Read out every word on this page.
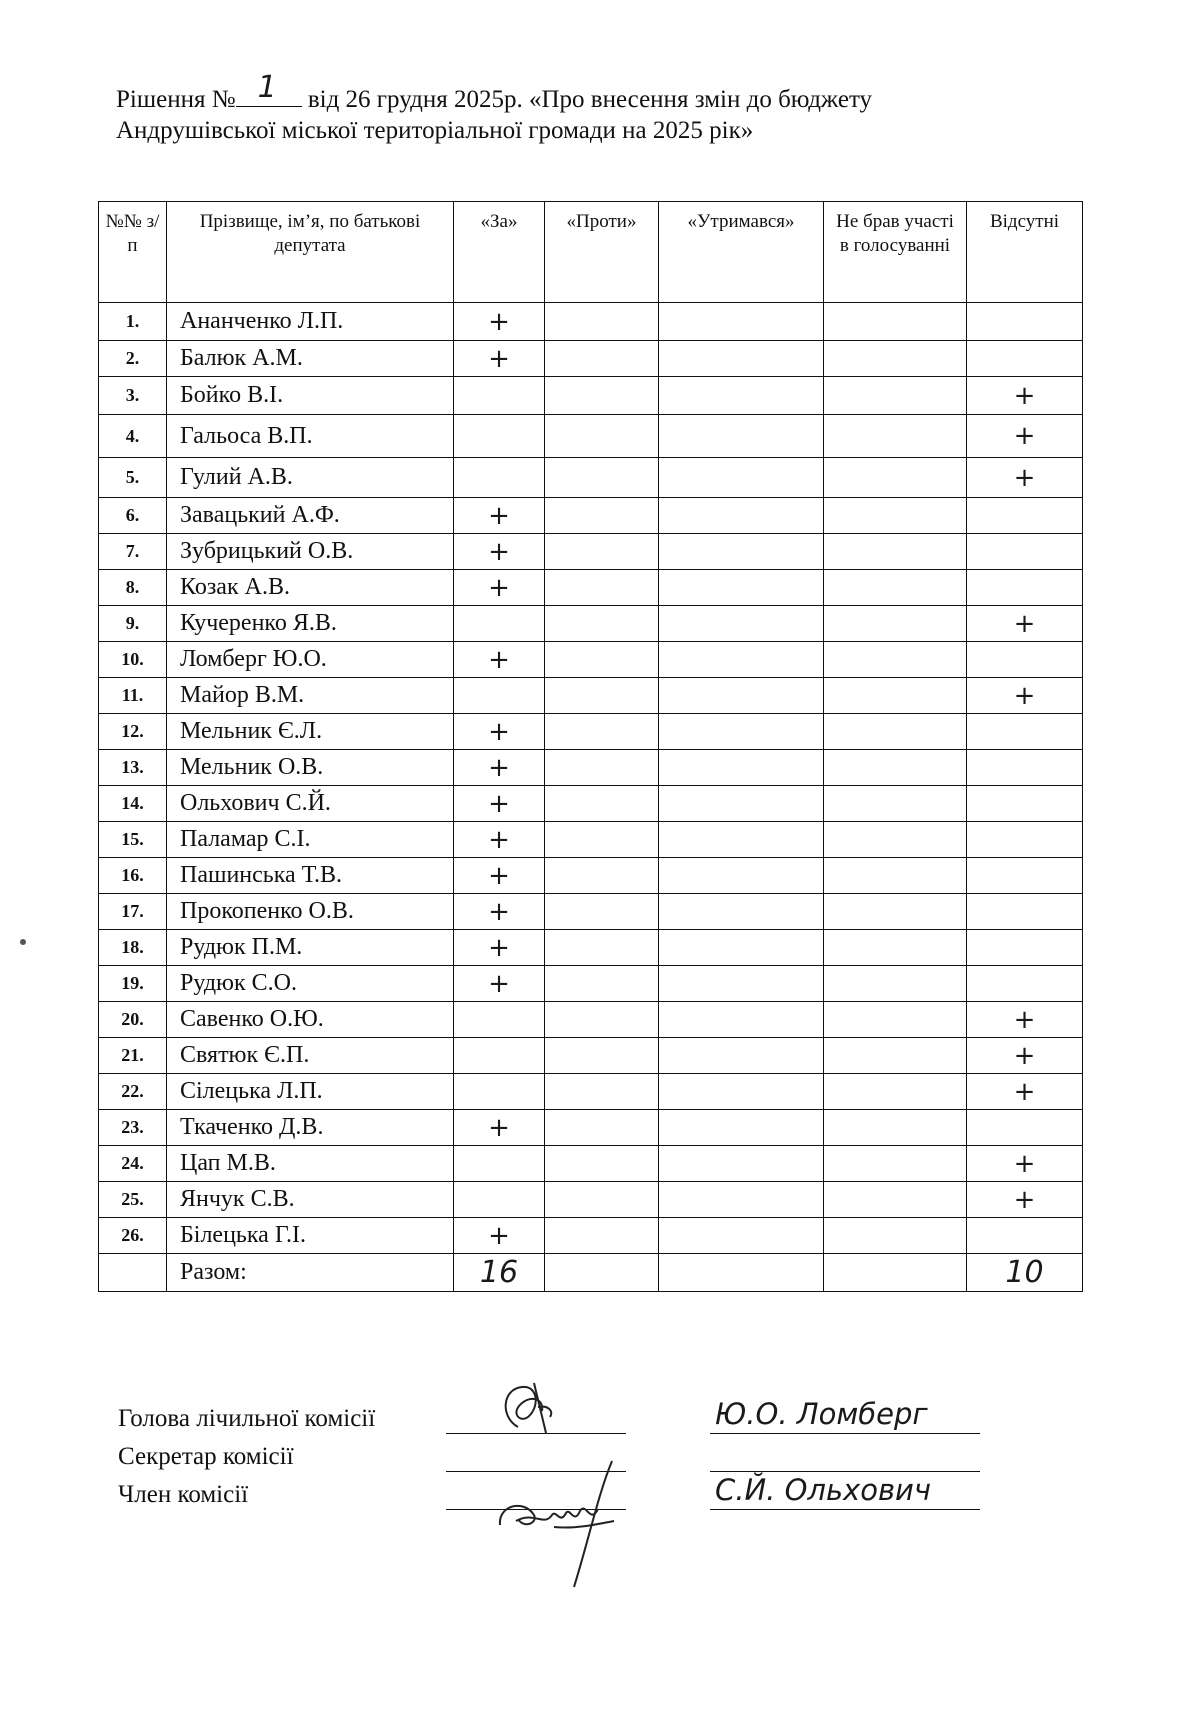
Рішення № 1 від 26 грудня 2025р. «Про внесення змін до бюджету
Андрушівської міської територіальної громади на 2025 рік»
№№ з/п	Прізвище, ім’я, по батькові депутата	«За»	«Проти»	«Утримався»	Не брав участі в голосуванні	Відсутні
1.	Ананченко Л.П.	+				
2.	Балюк А.М.	+				
3.	Бойко В.І.					+
4.	Гальоса В.П.					+
5.	Гулий А.В.					+
6.	Завацький А.Ф.	+				
7.	Зубрицький О.В.	+				
8.	Козак А.В.	+				
9.	Кучеренко Я.В.					+
10.	Ломберг Ю.О.	+				
11.	Майор В.М.					+
12.	Мельник Є.Л.	+				
13.	Мельник О.В.	+				
14.	Ольхович С.Й.	+				
15.	Паламар С.І.	+				
16.	Пашинська Т.В.	+				
17.	Прокопенко О.В.	+				
18.	Рудюк П.М.	+				
19.	Рудюк С.О.	+				
20.	Савенко О.Ю.					+
21.	Святюк Є.П.					+
22.	Сілецька Л.П.					+
23.	Ткаченко Д.В.	+				
24.	Цап М.В.					+
25.	Янчук С.В.					+
26.	Білецька Г.І.	+				
	Разом:	16				10
Голова лічильної комісії
Секретар комісії
Член комісії
Ю.О. Ломберг
С.Й. Ольхович
